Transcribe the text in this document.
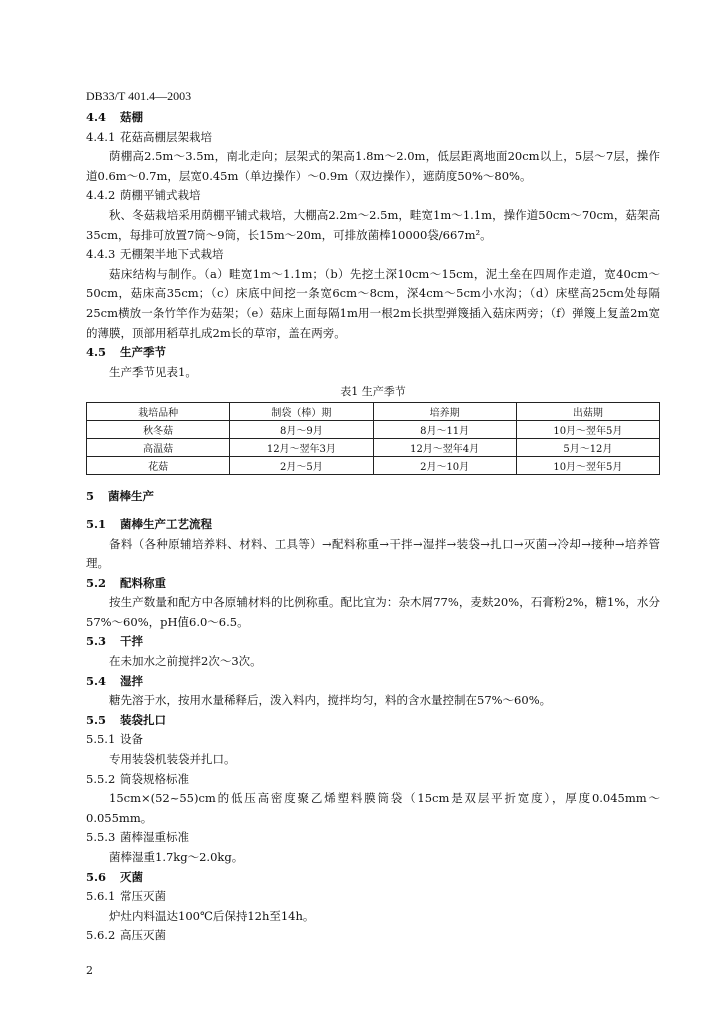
DB33/T 401.4—2003
4.4 菇棚
4.4.1 花菇高棚层架栽培

荫棚高2.5m～3.5m，南北走向；层架式的架高1.8m～2.0m，低层距离地面20cm以上，5层～7层，操作道0.6m～0.7m，层宽0.45m（单边操作）～0.9m（双边操作），遮荫度50%～80%。

4.4.2 荫棚平铺式栽培

秋、冬菇栽培采用荫棚平铺式栽培，大棚高2.2m～2.5m，畦宽1m～1.1m，操作道50cm～70cm，菇架高35cm，每排可放置7筒～9筒，长15m～20m，可排放菌棒10000袋/667m²。

4.4.3 无棚架半地下式栽培

菇床结构与制作。（a）畦宽1m～1.1m；（b）先挖土深10cm～15cm，泥土垒在四周作走道，宽40cm～50cm，菇床高35cm；（c）床底中间挖一条宽6cm～8cm，深4cm～5cm小水沟；（d）床壁高25cm处每隔25cm横放一条竹竿作为菇架；（e）菇床上面每隔1m用一根2m长拱型弹篾插入菇床两旁；（f）弹篾上复盖2m宽的薄膜，顶部用稻草扎成2m长的草帘，盖在两旁。

4.5 生产季节

生产季节见表1。

表1 生产季节
栽培品种	制袋（棒）期	培养期	出菇期
秋冬菇	8月～9月	8月～11月	10月～翌年5月
高温菇	12月～翌年3月	12月～翌年4月	5月～12月
花菇	2月～5月	2月～10月	10月～翌年5月
5 菌棒生产
5.1 菌棒生产工艺流程

备料（各种原辅培养料、材料、工具等）→配料称重→干拌→湿拌→装袋→扎口→灭菌→冷却→接种→培养管理。

5.2 配料称重

按生产数量和配方中各原辅材料的比例称重。配比宜为：杂木屑77%，麦麸20%，石膏粉2%，糖1%，水分57%～60%，pH值6.0～6.5。

5.3 干拌

在未加水之前搅拌2次～3次。

5.4 湿拌

糖先溶于水，按用水量稀释后，泼入料内，搅拌均匀，料的含水量控制在57%～60%。

5.5 装袋扎口
5.5.1 设备

专用装袋机装袋并扎口。

5.5.2 筒袋规格标准

15cm×(52~55)cm的低压高密度聚乙烯塑料膜筒袋（15cm是双层平折宽度），厚度0.045mm～0.055mm。

5.5.3 菌棒湿重标准

菌棒湿重1.7kg～2.0kg。

5.6 灭菌
5.6.1 常压灭菌

炉灶内料温达100℃后保持12h至14h。

5.6.2 高压灭菌
2
